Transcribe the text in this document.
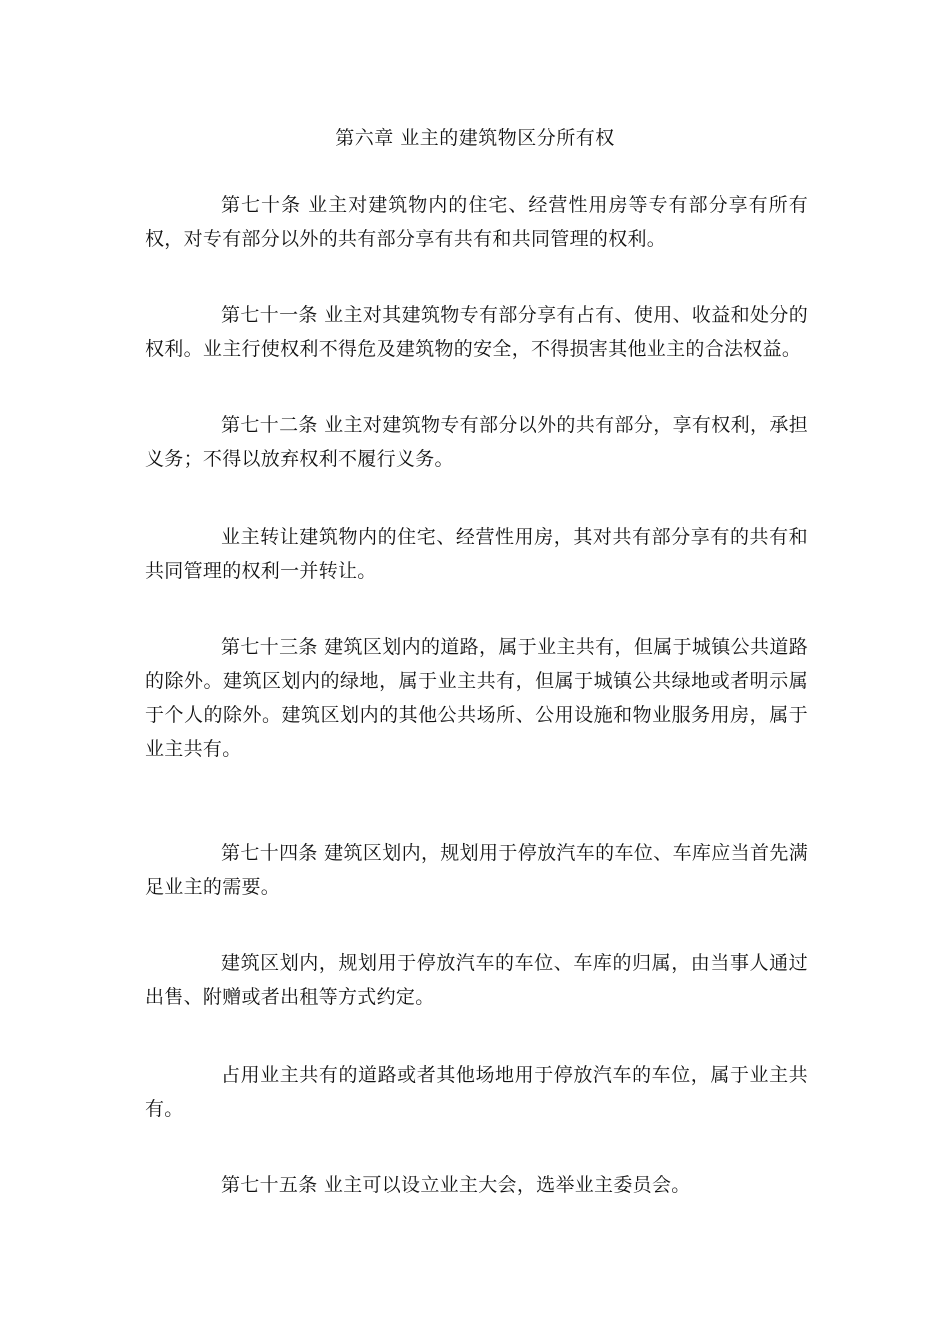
第六章 业主的建筑物区分所有权

第七十条 业主对建筑物内的住宅、经营性用房等专有部分享有所有权，对专有部分以外的共有部分享有共有和共同管理的权利。

第七十一条 业主对其建筑物专有部分享有占有、使用、收益和处分的权利。业主行使权利不得危及建筑物的安全，不得损害其他业主的合法权益。

第七十二条 业主对建筑物专有部分以外的共有部分，享有权利，承担义务；不得以放弃权利不履行义务。

业主转让建筑物内的住宅、经营性用房，其对共有部分享有的共有和共同管理的权利一并转让。

第七十三条 建筑区划内的道路，属于业主共有，但属于城镇公共道路的除外。建筑区划内的绿地，属于业主共有，但属于城镇公共绿地或者明示属于个人的除外。建筑区划内的其他公共场所、公用设施和物业服务用房，属于业主共有。

第七十四条 建筑区划内，规划用于停放汽车的车位、车库应当首先满足业主的需要。

建筑区划内，规划用于停放汽车的车位、车库的归属，由当事人通过出售、附赠或者出租等方式约定。

占用业主共有的道路或者其他场地用于停放汽车的车位，属于业主共有。

第七十五条 业主可以设立业主大会，选举业主委员会。
